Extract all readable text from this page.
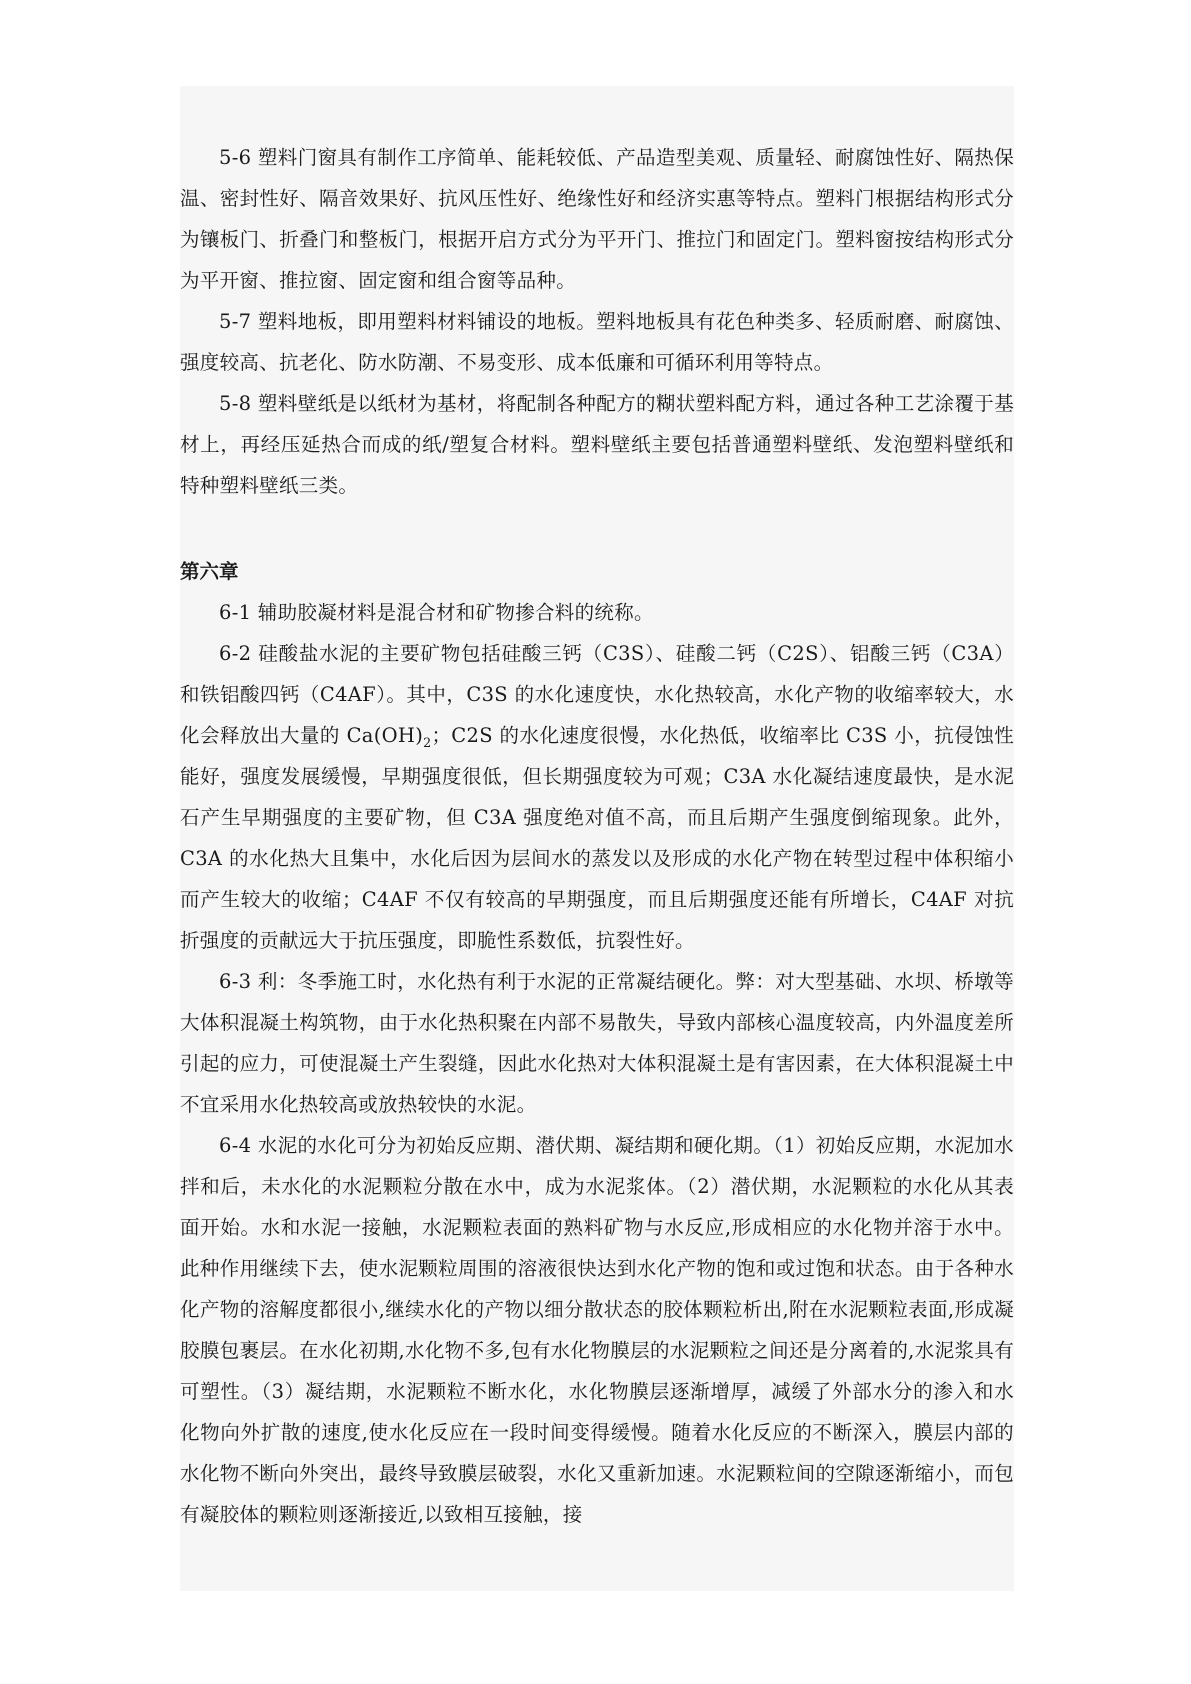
5-6 塑料门窗具有制作工序简单、能耗较低、产品造型美观、质量轻、耐腐蚀性好、隔热保温、密封性好、隔音效果好、抗风压性好、绝缘性好和经济实惠等特点。塑料门根据结构形式分为镶板门、折叠门和整板门，根据开启方式分为平开门、推拉门和固定门。塑料窗按结构形式分为平开窗、推拉窗、固定窗和组合窗等品种。

5-7 塑料地板，即用塑料材料铺设的地板。塑料地板具有花色种类多、轻质耐磨、耐腐蚀、强度较高、抗老化、防水防潮、不易变形、成本低廉和可循环利用等特点。

5-8 塑料壁纸是以纸材为基材，将配制各种配方的糊状塑料配方料，通过各种工艺涂覆于基材上，再经压延热合而成的纸/塑复合材料。塑料壁纸主要包括普通塑料壁纸、发泡塑料壁纸和特种塑料壁纸三类。

第六章

6-1 辅助胶凝材料是混合材和矿物掺合料的统称。

6-2 硅酸盐水泥的主要矿物包括硅酸三钙（C3S）、硅酸二钙（C2S）、铝酸三钙（C3A）和铁铝酸四钙（C4AF）。其中，C3S 的水化速度快，水化热较高，水化产物的收缩率较大，水化会释放出大量的 $Ca(OH)_2$；C2S 的水化速度很慢，水化热低，收缩率比 C3S 小，抗侵蚀性能好，强度发展缓慢，早期强度很低，但长期强度较为可观；C3A 水化凝结速度最快，是水泥石产生早期强度的主要矿物，但 C3A 强度绝对值不高，而且后期产生强度倒缩现象。此外，C3A 的水化热大且集中，水化后因为层间水的蒸发以及形成的水化产物在转型过程中体积缩小而产生较大的收缩；C4AF 不仅有较高的早期强度，而且后期强度还能有所增长，C4AF 对抗折强度的贡献远大于抗压强度，即脆性系数低，抗裂性好。

6-3 利：冬季施工时，水化热有利于水泥的正常凝结硬化。弊：对大型基础、水坝、桥墩等大体积混凝土构筑物，由于水化热积聚在内部不易散失，导致内部核心温度较高，内外温度差所引起的应力，可使混凝土产生裂缝，因此水化热对大体积混凝土是有害因素，在大体积混凝土中不宜采用水化热较高或放热较快的水泥。

6-4 水泥的水化可分为初始反应期、潜伏期、凝结期和硬化期。（1）初始反应期，水泥加水拌和后，未水化的水泥颗粒分散在水中，成为水泥浆体。（2）潜伏期，水泥颗粒的水化从其表面开始。水和水泥一接触，水泥颗粒表面的熟料矿物与水反应,形成相应的水化物并溶于水中。此种作用继续下去，使水泥颗粒周围的溶液很快达到水化产物的饱和或过饱和状态。由于各种水化产物的溶解度都很小,继续水化的产物以细分散状态的胶体颗粒析出,附在水泥颗粒表面,形成凝胶膜包裹层。在水化初期,水化物不多,包有水化物膜层的水泥颗粒之间还是分离着的,水泥浆具有可塑性。（3）凝结期，水泥颗粒不断水化，水化物膜层逐渐增厚，减缓了外部水分的渗入和水化物向外扩散的速度,使水化反应在一段时间变得缓慢。随着水化反应的不断深入，膜层内部的水化物不断向外突出，最终导致膜层破裂，水化又重新加速。水泥颗粒间的空隙逐渐缩小，而包有凝胶体的颗粒则逐渐接近,以致相互接触，接
